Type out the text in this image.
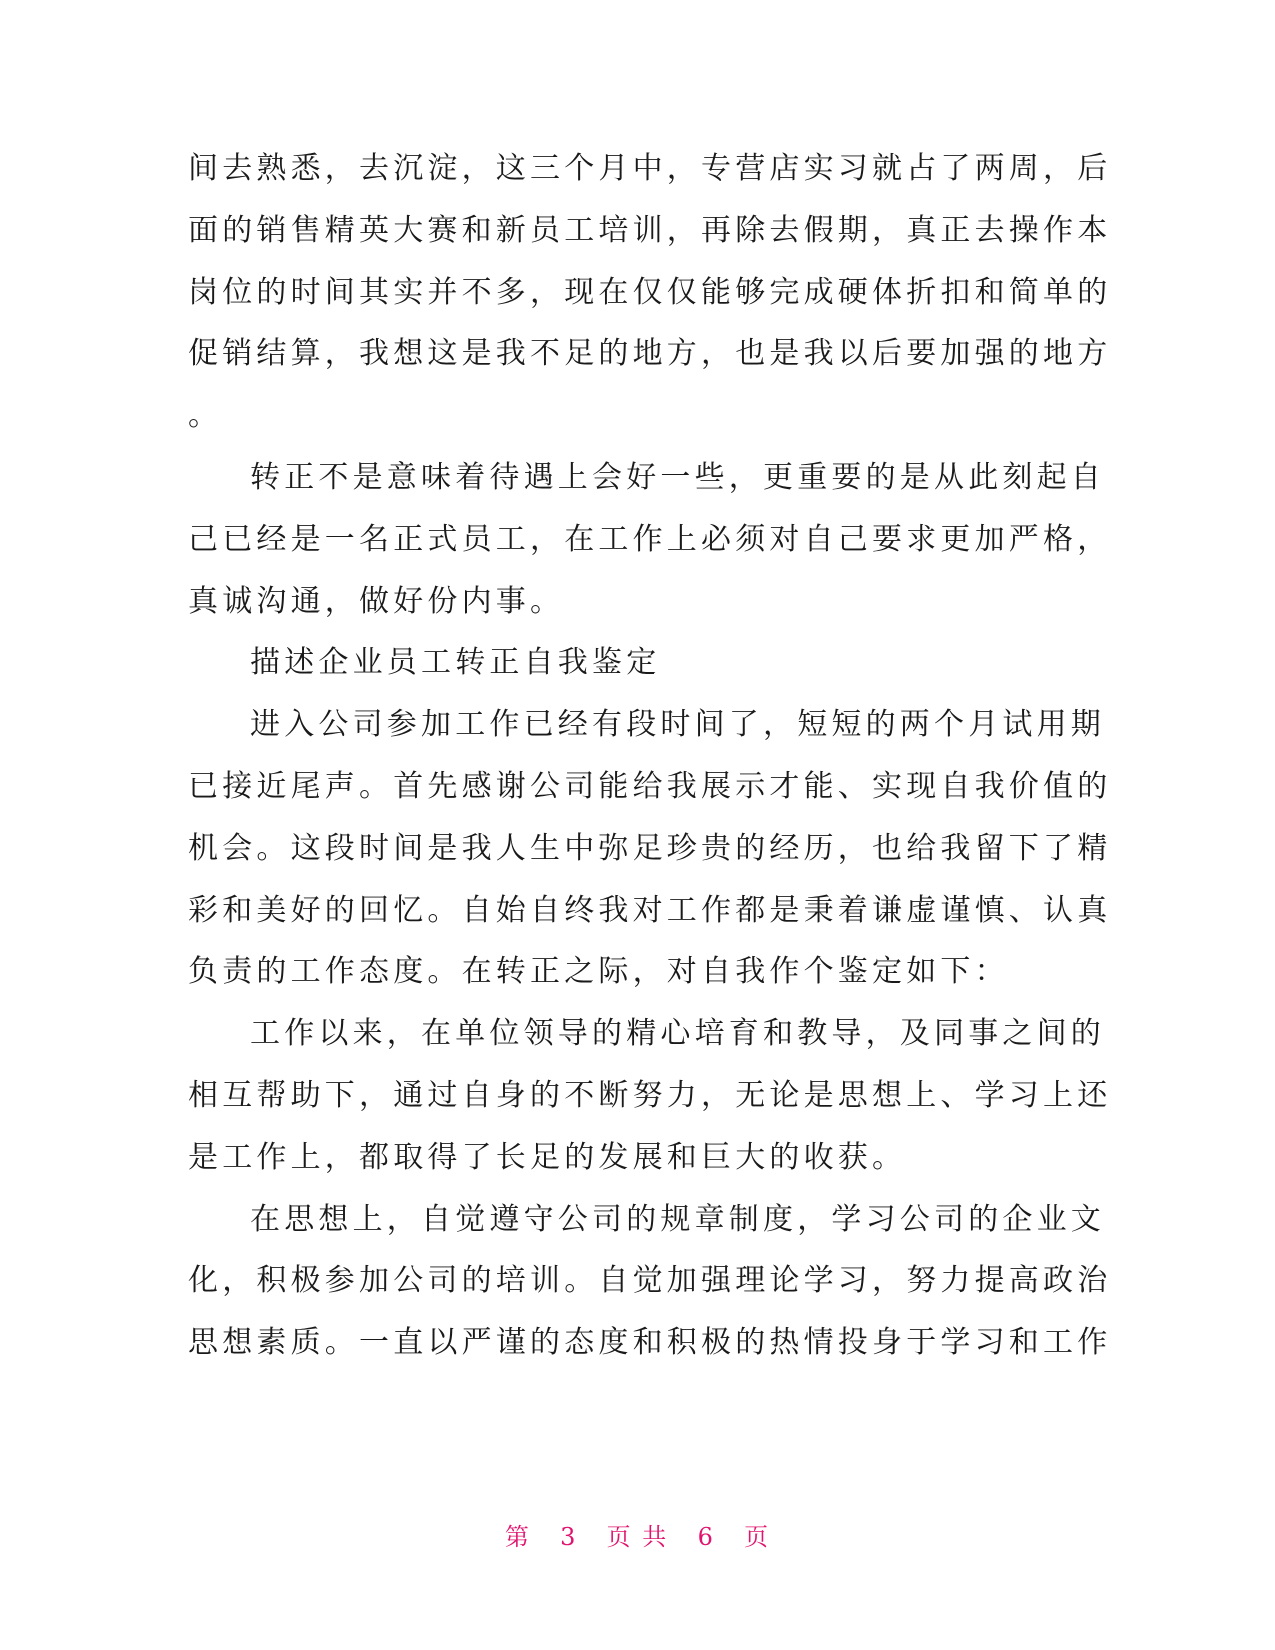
间去熟悉，去沉淀，这三个月中，专营店实习就占了两周，后
面的销售精英大赛和新员工培训，再除去假期，真正去操作本
岗位的时间其实并不多，现在仅仅能够完成硬体折扣和简单的
促销结算，我想这是我不足的地方，也是我以后要加强的地方
。
转正不是意味着待遇上会好一些，更重要的是从此刻起自
己已经是一名正式员工，在工作上必须对自己要求更加严格，
真诚沟通，做好份内事。
描述企业员工转正自我鉴定
进入公司参加工作已经有段时间了，短短的两个月试用期
已接近尾声。首先感谢公司能给我展示才能、实现自我价值的
机会。这段时间是我人生中弥足珍贵的经历，也给我留下了精
彩和美好的回忆。自始自终我对工作都是秉着谦虚谨慎、认真
负责的工作态度。在转正之际，对自我作个鉴定如下：
工作以来，在单位领导的精心培育和教导，及同事之间的
相互帮助下，通过自身的不断努力，无论是思想上、学习上还
是工作上，都取得了长足的发展和巨大的收获。
在思想上，自觉遵守公司的规章制度，学习公司的企业文
化，积极参加公司的培训。自觉加强理论学习，努力提高政治
思想素质。一直以严谨的态度和积极的热情投身于学习和工作
第 3 页 共 6 页
